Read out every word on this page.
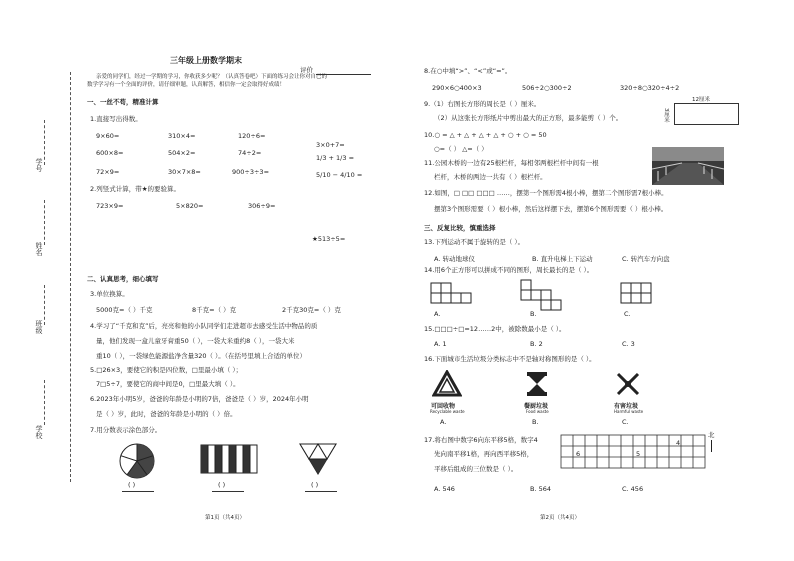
学号
姓名
班级
学校
三年级上册数学期末
亲爱的同学们，经过一学期的学习，你收获多少呢？（认真答卷吧）下面的练习会让你对自己的
数学学习有一个全面的评价，请仔细审题，认真解答，相信你一定会取得好成绩！
评价
一、一丝不苟，精准计算
1.直接写出得数。
9×60=	310×4=	120÷6=
600×8=	504×2=	74÷2=
72×9=	30×7×8=	900÷3÷3=
3×0+7=
1/3 + 1/3 =
5/10 − 4/10 =
2.列竖式计算，带★的要验算。
723×9=	5×820=	306÷9=
★513÷5=
二、认真思考，细心填写
3.单位换算。
5000克=（ ）千克	8千克=（ ）克	2千克30克=（ ）克
4.学习了“千克和克”后，亮亮和他的小队同学们走进超市去感受生活中物品的质
量，他们发现一盒儿童牙膏重50（ ），一袋大米重约8（ ），一袋大米
重10（ ），一袋绿色能源盐净含量320（ ）。（在括号里填上合适的单位）
5.□26×3，要使它的积是四位数，□里最小填（ ）；
7□5÷7，要使它的商中间是0，□里最大填（ ）。
6.2023年小明5岁，爸爸的年龄是小明的7倍，爸爸是（ ）岁，2024年小明
是（ ）岁，此时，爸爸的年龄是小明的（ ）倍。
7.用分数表示涂色部分。
( )	( )	( )
第1页（共4页）
8.在○中填“>”、“<”或“=”。
290×6○400×3	506÷2○300÷2	320÷8○320÷4÷2
9.（1）右图长方形的周长是（ ）厘米。
（2）从这张长方形纸片中剪出最大的正方形，最多能剪（ ）个。
12厘米
3厘米
10.○ = △ + △ + △ + △ + ○ + ○ = 50
○=（ ） △=（ ）
11.公园木桥的一边有25根栏杆，每相邻两根栏杆中间有一根
栏杆，木桥的两边一共有（ ）根栏杆。
12.如图，□ □□ □□□ ……，摆第一个图形需4根小棒，摆第二个图形需7根小棒。
摆第3个图形需要（ ）根小棒，然后这样摆下去，摆第6个图形需要（ ）根小棒。
三、反复比较，慎重选择
13.下列运动不属于旋转的是（ ）。
A. 转动地球仪	B. 直升电梯上下运动	C. 转汽车方向盘
14.用6个正方形可以拼成不同的图形，周长最长的是（ ）。
A.	B.	C.
15.□□□÷□=12……2中，被除数最小是（ ）。
A. 1	B. 2	C. 3
16.下面城市生活垃圾分类标志中不是轴对称图形的是（ ）。
可回收物	餐厨垃圾	有害垃圾
Recyclable waste	Food waste	Harmful waste
A.	B.	C.
17.将右图中数字6向东平移5格，数字4
先向南平移1格，再向西平移5格，
平移后组成的三位数是（ ）。
6	5
4
北
A. 546	B. 564	C. 456
第2页（共4页）
